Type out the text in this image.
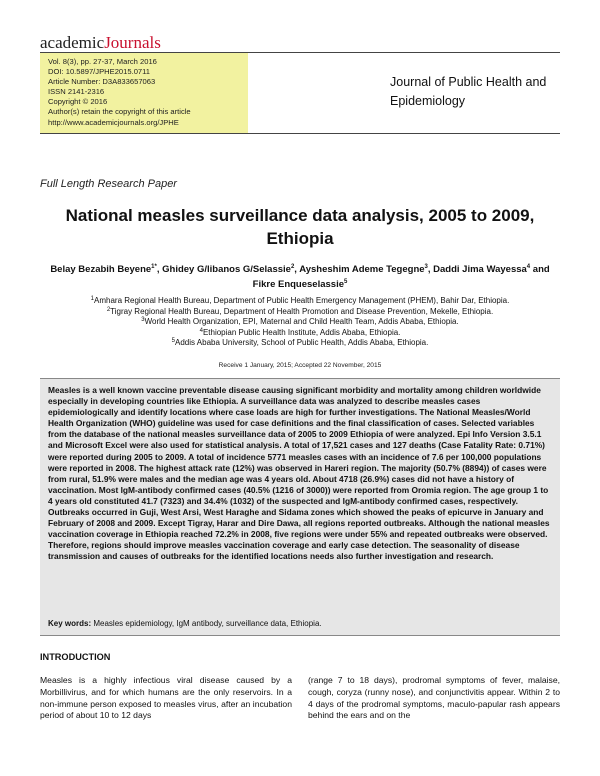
academicJournals
Vol. 8(3), pp. 27-37, March 2016
DOI: 10.5897/JPHE2015.0711
Article Number: D3A833657063
ISSN 2141-2316
Copyright © 2016
Author(s) retain the copyright of this article
http://www.academicjournals.org/JPHE
Journal of Public Health and
Epidemiology
Full Length Research Paper
National measles surveillance data analysis, 2005 to 2009, Ethiopia
Belay Bezabih Beyene$^{1*}$, Ghidey G/libanos G/Selassie$^2$, Aysheshim Ademe Tegegne$^3$, Daddi Jima Wayessa$^4$ and Fikre Enqueselassie$^5$
$^1$Amhara Regional Health Bureau, Department of Public Health Emergency Management (PHEM), Bahir Dar, Ethiopia.
$^2$Tigray Regional Health Bureau, Department of Health Promotion and Disease Prevention, Mekelle, Ethiopia.
$^3$World Health Organization, EPI, Maternal and Child Health Team, Addis Ababa, Ethiopia.
$^4$Ethiopian Public Health Institute, Addis Ababa, Ethiopia.
$^5$Addis Ababa University, School of Public Health, Addis Ababa, Ethiopia.
Receive 1 January, 2015; Accepted 22 November, 2015
Measles is a well known vaccine preventable disease causing significant morbidity and mortality among children worldwide especially in developing countries like Ethiopia. A surveillance data was analyzed to describe measles cases epidemiologically and identify locations where case loads are high for further investigations. The National Measles/World Health Organization (WHO) guideline was used for case definitions and the final classification of cases. Selected variables from the database of the national measles surveillance data of 2005 to 2009 Ethiopia of were analyzed. Epi Info Version 3.5.1 and Microsoft Excel were also used for statistical analysis. A total of 17,521 cases and 127 deaths (Case Fatality Rate: 0.71%) were reported during 2005 to 2009. A total of incidence 5771 measles cases with an incidence of 7.6 per 100,000 populations were reported in 2008. The highest attack rate (12%) was observed in Hareri region. The majority (50.7% (8894)) of cases were from rural, 51.9% were males and the median age was 4 years old. About 4718 (26.9%) cases did not have a history of vaccination. Most IgM-antibody confirmed cases (40.5% (1216 of 3000)) were reported from Oromia region. The age group 1 to 4 years old constituted 41.7 (7323) and 34.4% (1032) of the suspected and IgM-antibody confirmed cases, respectively. Outbreaks occurred in Guji, West Arsi, West Haraghe and Sidama zones which showed the peaks of epicurve in January and February of 2008 and 2009. Except Tigray, Harar and Dire Dawa, all regions reported outbreaks. Although the national measles vaccination coverage in Ethiopia reached 72.2% in 2008, five regions were under 55% and repeated outbreaks were observed. Therefore, regions should improve measles vaccination coverage and early case detection. The seasonality of disease transmission and causes of outbreaks for the identified locations needs also further investigation and research.
Key words: Measles epidemiology, IgM antibody, surveillance data, Ethiopia.
INTRODUCTION
Measles is a highly infectious viral disease caused by a Morbillivirus, and for which humans are the only reservoirs. In a non-immune person exposed to measles virus, after an incubation period of about 10 to 12 days
(range 7 to 18 days), prodromal symptoms of fever, malaise, cough, coryza (runny nose), and conjunctivitis appear. Within 2 to 4 days of the prodromal symptoms, maculo-papular rash appears behind the ears and on the
